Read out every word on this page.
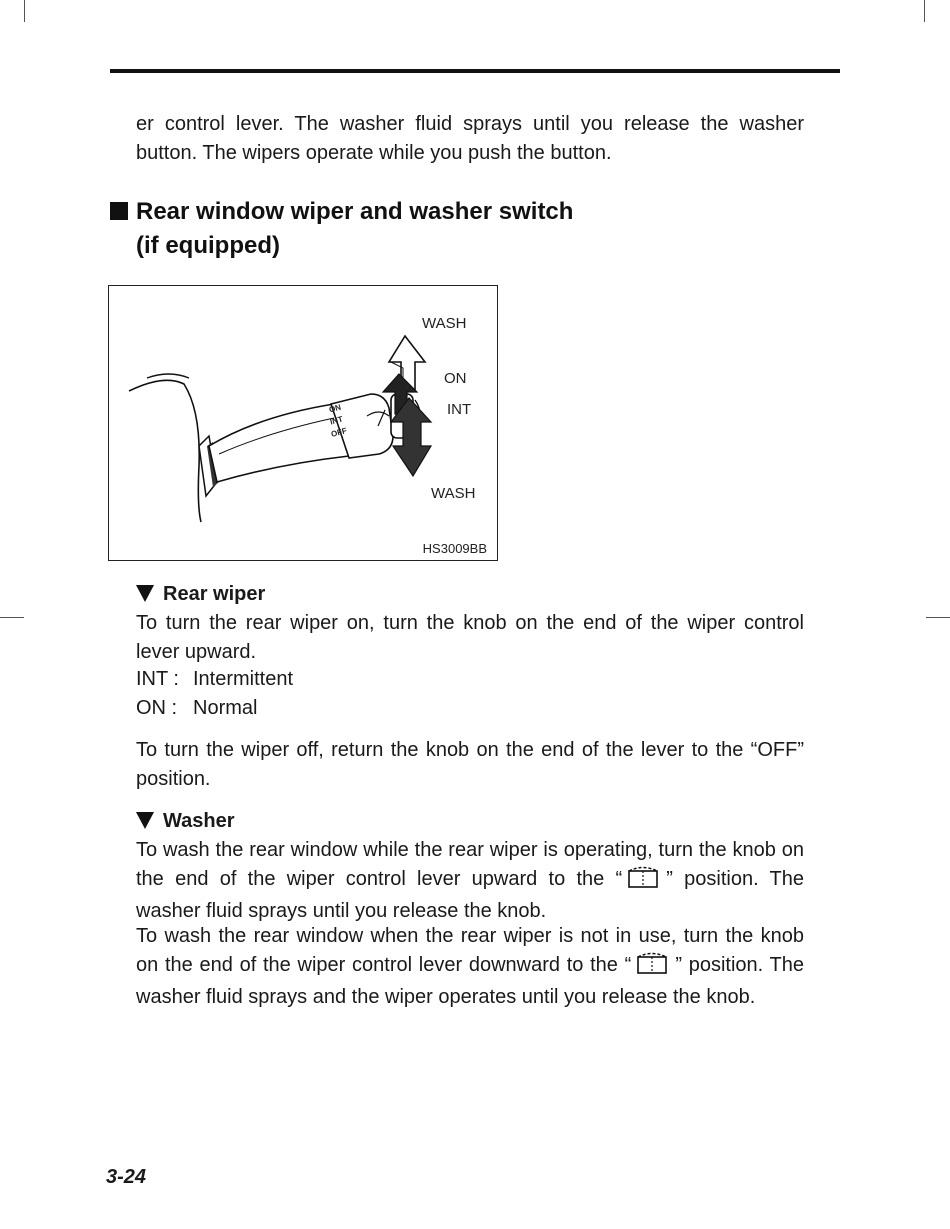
er control lever. The washer fluid sprays until you release the washer

button. The wipers operate while you push the button.

Rear window wiper and washer switch
(if equipped)
WASH
ON
INT
WASH
ON
INT
OFF
HS3009BB
Rear wiper

To turn the rear wiper on, turn the knob on the end of the wiper control lever upward.

INT : Intermittent
ON : Normal

To turn the wiper off, return the knob on the end of the lever to the “OFF” position.

Washer

To wash the rear window while the rear wiper is operating, turn the knob on the end of the wiper control lever upward to the “ ” position. The washer fluid sprays until you release the knob.

To wash the rear window when the rear wiper is not in use, turn the knob on the end of the wiper control lever downward to the “ ” position. The washer fluid sprays and the wiper operates until you release the knob.

3-24
